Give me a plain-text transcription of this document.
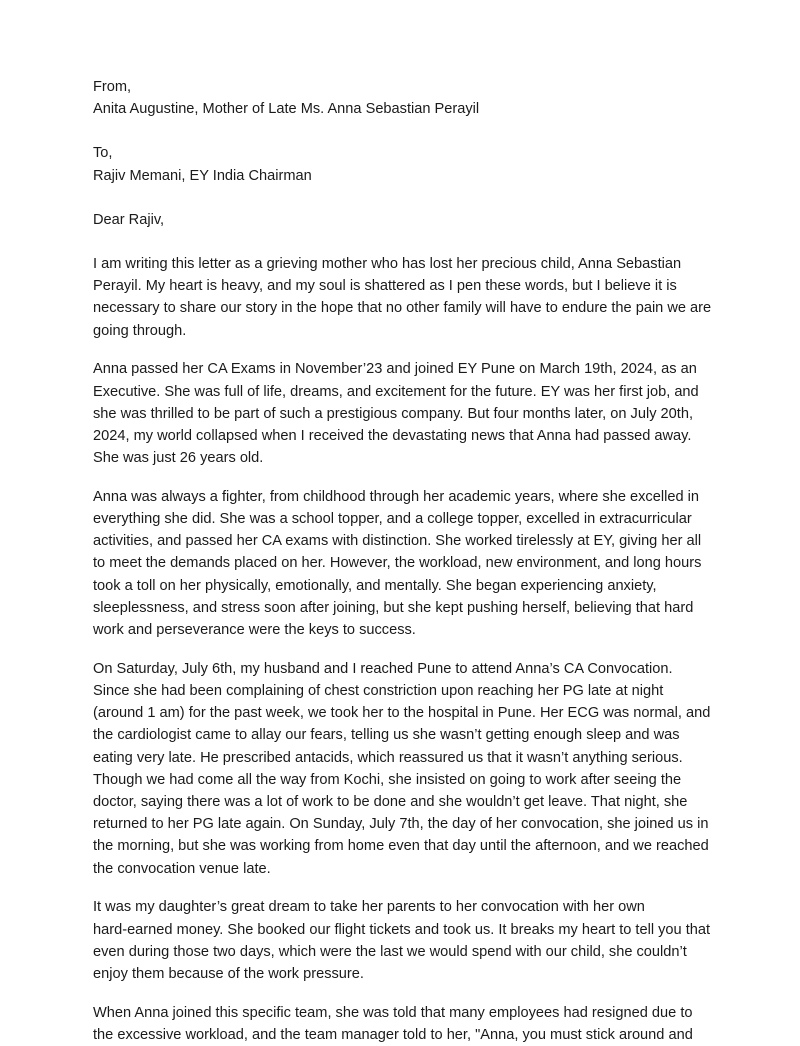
From,
Anita Augustine, Mother of Late Ms. Anna Sebastian Perayil
To,
Rajiv Memani, EY India Chairman
Dear Rajiv,
I am writing this letter as a grieving mother who has lost her precious child, Anna Sebastian
Perayil. My heart is heavy, and my soul is shattered as I pen these words, but I believe it is
necessary to share our story in the hope that no other family will have to endure the pain we are
going through.
Anna passed her CA Exams in November’23 and joined EY Pune on March 19th, 2024, as an
Executive. She was full of life, dreams, and excitement for the future. EY was her first job, and
she was thrilled to be part of such a prestigious company. But four months later, on July 20th,
2024, my world collapsed when I received the devastating news that Anna had passed away.
She was just 26 years old.
Anna was always a fighter, from childhood through her academic years, where she excelled in
everything she did. She was a school topper, and a college topper, excelled in extracurricular
activities, and passed her CA exams with distinction. She worked tirelessly at EY, giving her all
to meet the demands placed on her. However, the workload, new environment, and long hours
took a toll on her physically, emotionally, and mentally. She began experiencing anxiety,
sleeplessness, and stress soon after joining, but she kept pushing herself, believing that hard
work and perseverance were the keys to success.
On Saturday, July 6th, my husband and I reached Pune to attend Anna’s CA Convocation.
Since she had been complaining of chest constriction upon reaching her PG late at night
(around 1 am) for the past week, we took her to the hospital in Pune. Her ECG was normal, and
the cardiologist came to allay our fears, telling us she wasn’t getting enough sleep and was
eating very late. He prescribed antacids, which reassured us that it wasn’t anything serious.
Though we had come all the way from Kochi, she insisted on going to work after seeing the
doctor, saying there was a lot of work to be done and she wouldn’t get leave. That night, she
returned to her PG late again. On Sunday, July 7th, the day of her convocation, she joined us in
the morning, but she was working from home even that day until the afternoon, and we reached
the convocation venue late.
It was my daughter’s great dream to take her parents to her convocation with her own
hard-earned money. She booked our flight tickets and took us. It breaks my heart to tell you that
even during those two days, which were the last we would spend with our child, she couldn’t
enjoy them because of the work pressure.
When Anna joined this specific team, she was told that many employees had resigned due to
the excessive workload, and the team manager told to her, "Anna, you must stick around and
